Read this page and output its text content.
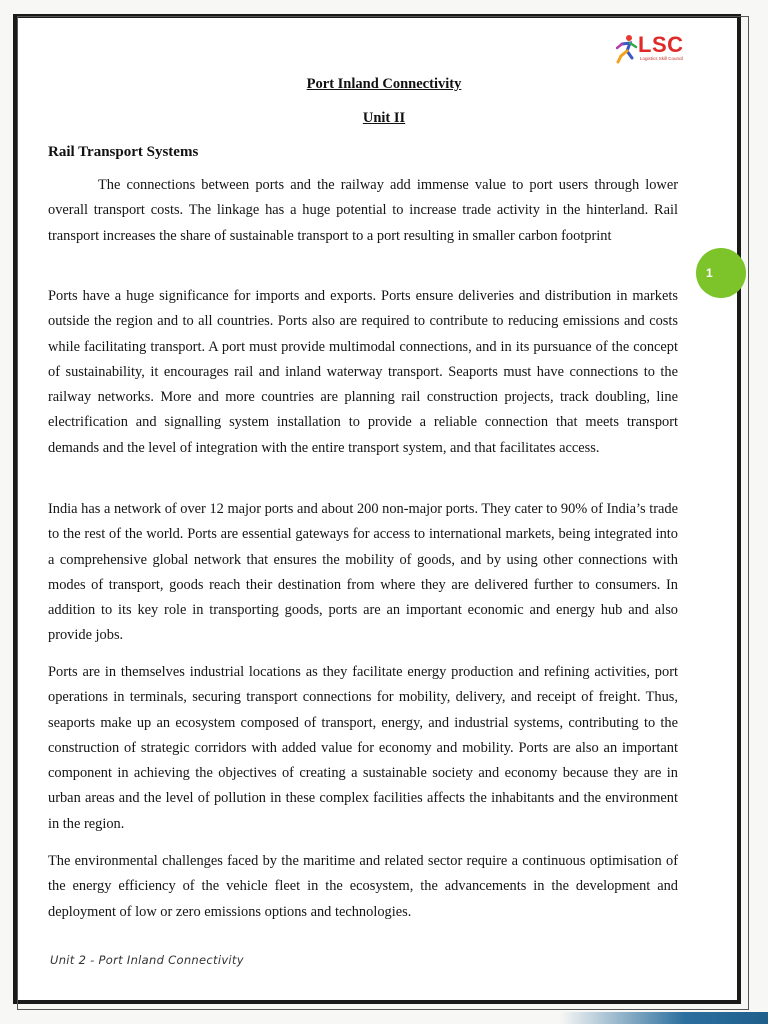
LSC
Logistics Skill Council
Port Inland Connectivity
Unit II
Rail Transport Systems

The connections between ports and the railway add immense value to port users through lower overall transport costs. The linkage has a huge potential to increase trade activity in the hinterland. Rail transport increases the share of sustainable transport to a port resulting in smaller carbon footprint

Ports have a huge significance for imports and exports. Ports ensure deliveries and distribution in markets outside the region and to all countries. Ports also are required to contribute to reducing emissions and costs while facilitating transport. A port must provide multimodal connections, and in its pursuance of the concept of sustainability, it encourages rail and inland waterway transport. Seaports must have connections to the railway networks. More and more countries are planning rail construction projects, track doubling, line electrification and signalling system installation to provide a reliable connection that meets transport demands and the level of integration with the entire transport system, and that facilitates access.

India has a network of over 12 major ports and about 200 non-major ports. They cater to 90% of India’s trade to the rest of the world. Ports are essential gateways for access to international markets, being integrated into a comprehensive global network that ensures the mobility of goods, and by using other connections with modes of transport, goods reach their destination from where they are delivered further to consumers. In addition to its key role in transporting goods, ports are an important economic and energy hub and also provide jobs.

Ports are in themselves industrial locations as they facilitate energy production and refining activities, port operations in terminals, securing transport connections for mobility, delivery, and receipt of freight. Thus, seaports make up an ecosystem composed of transport, energy, and industrial systems, contributing to the construction of strategic corridors with added value for economy and mobility. Ports are also an important component in achieving the objectives of creating a sustainable society and economy because they are in urban areas and the level of pollution in these complex facilities affects the inhabitants and the environment in the region.

The environmental challenges faced by the maritime and related sector require a continuous optimisation of the energy efficiency of the vehicle fleet in the ecosystem, the advancements in the development and deployment of low or zero emissions options and technologies.

1
Unit 2 - Port Inland Connectivity
